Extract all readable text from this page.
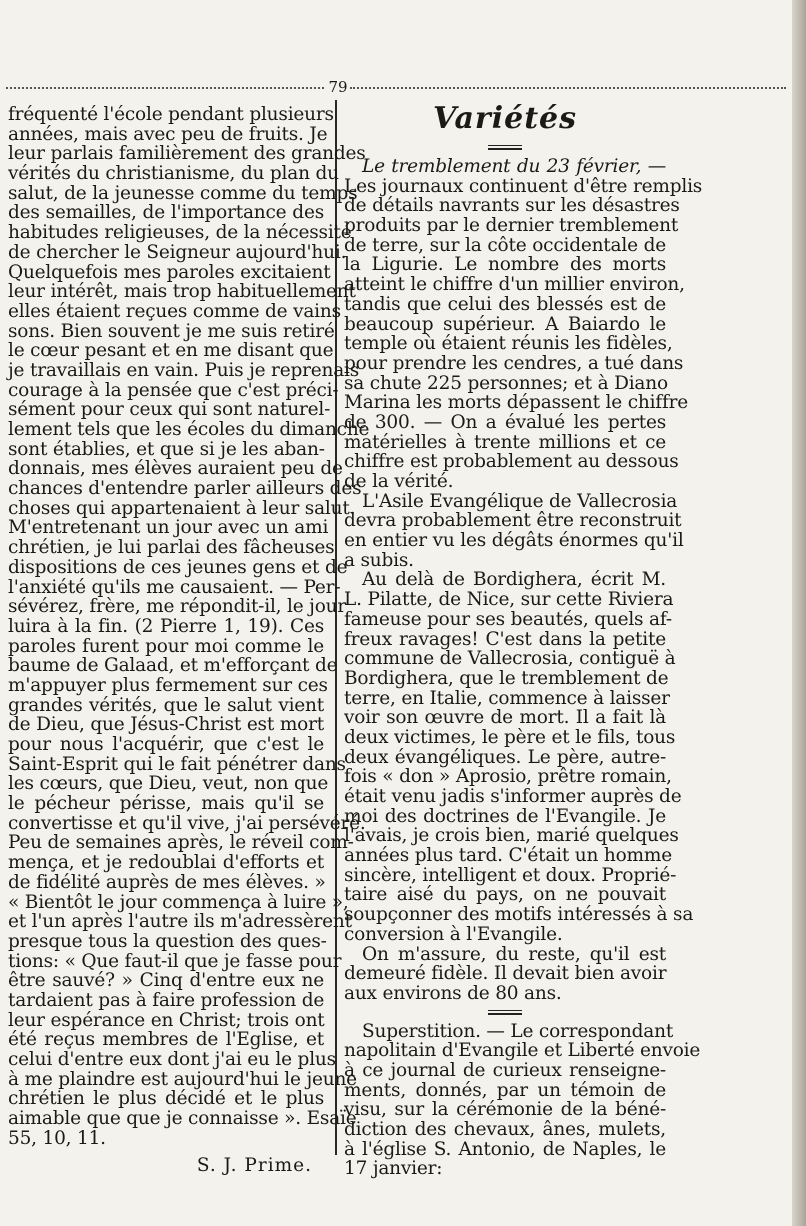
79
fréquenté l'école pendant plusieurs
années, mais avec peu de fruits. Je
leur parlais familièrement des grandes
vérités du christianisme, du plan du
salut, de la jeunesse comme du temps
des semailles, de l'importance des
habitudes religieuses, de la nécessité
de chercher le Seigneur aujourd'hui.
Quelquefois mes paroles excitaient
leur intérêt, mais trop habituellement
elles étaient reçues comme de vains
sons. Bien souvent je me suis retiré
le cœur pesant et en me disant que
je travaillais en vain. Puis je reprenais
courage à la pensée que c'est préci-
sément pour ceux qui sont naturel-
lement tels que les écoles du dimanche
sont établies, et que si je les aban-
donnais, mes élèves auraient peu de
chances d'entendre parler ailleurs des
choses qui appartenaient à leur salut.
M'entretenant un jour avec un ami
chrétien, je lui parlai des fâcheuses
dispositions de ces jeunes gens et de
l'anxiété qu'ils me causaient. — Per-
sévérez, frère, me répondit-il, le jour
luira à la fin. (2 Pierre 1, 19). Ces
paroles furent pour moi comme le
baume de Galaad, et m'efforçant de
m'appuyer plus fermement sur ces
grandes vérités, que le salut vient
de Dieu, que Jésus-Christ est mort
pour nous l'acquérir, que c'est le
Saint-Esprit qui le fait pénétrer dans
les cœurs, que Dieu, veut, non que
le pécheur périsse, mais qu'il se
convertisse et qu'il vive, j'ai persévéré.
Peu de semaines après, le réveil com-
mença, et je redoublai d'efforts et
de fidélité auprès de mes élèves. »
« Bientôt le jour commença à luire »,
et l'un après l'autre ils m'adressèrent
presque tous la question des ques-
tions: « Que faut-il que je fasse pour
être sauvé? » Cinq d'entre eux ne
tardaient pas à faire profession de
leur espérance en Christ; trois ont
été reçus membres de l'Eglise, et
celui d'entre eux dont j'ai eu le plus
à me plaindre est aujourd'hui le jeune
chrétien le plus décidé et le plus
aimable que que je connaisse ». Esaïe
55, 10, 11.
S. J. Prime.
Variétés
Le tremblement du 23 février, —
Les journaux continuent d'être remplis
de détails navrants sur les désastres
produits par le dernier tremblement
de terre, sur la côte occidentale de
la Ligurie. Le nombre des morts
atteint le chiffre d'un millier environ,
tandis que celui des blessés est de
beaucoup supérieur. A Baiardo le
temple où étaient réunis les fidèles,
pour prendre les cendres, a tué dans
sa chute 225 personnes; et à Diano
Marina les morts dépassent le chiffre
de 300. — On a évalué les pertes
matérielles à trente millions et ce
chiffre est probablement au dessous
de la vérité.
L'Asile Evangélique de Vallecrosia
devra probablement être reconstruit
en entier vu les dégâts énormes qu'il
a subis.
Au delà de Bordighera, écrit M.
L. Pilatte, de Nice, sur cette Riviera
fameuse pour ses beautés, quels af-
freux ravages! C'est dans la petite
commune de Vallecrosia, contiguë à
Bordighera, que le tremblement de
terre, en Italie, commence à laisser
voir son œuvre de mort. Il a fait là
deux victimes, le père et le fils, tous
deux évangéliques. Le père, autre-
fois « don » Aprosio, prêtre romain,
était venu jadis s'informer auprès de
moi des doctrines de l'Evangile. Je
l'avais, je crois bien, marié quelques
années plus tard. C'était un homme
sincère, intelligent et doux. Proprié-
taire aisé du pays, on ne pouvait
soupçonner des motifs intéressés à sa
conversion à l'Evangile.
On m'assure, du reste, qu'il est
demeuré fidèle. Il devait bien avoir
aux environs de 80 ans.
Superstition. — Le correspondant
napolitain d'Evangile et Liberté envoie
à ce journal de curieux renseigne-
ments, donnés, par un témoin de
visu, sur la cérémonie de la béné-
diction des chevaux, ânes, mulets,
à l'église S. Antonio, de Naples, le
17 janvier:
